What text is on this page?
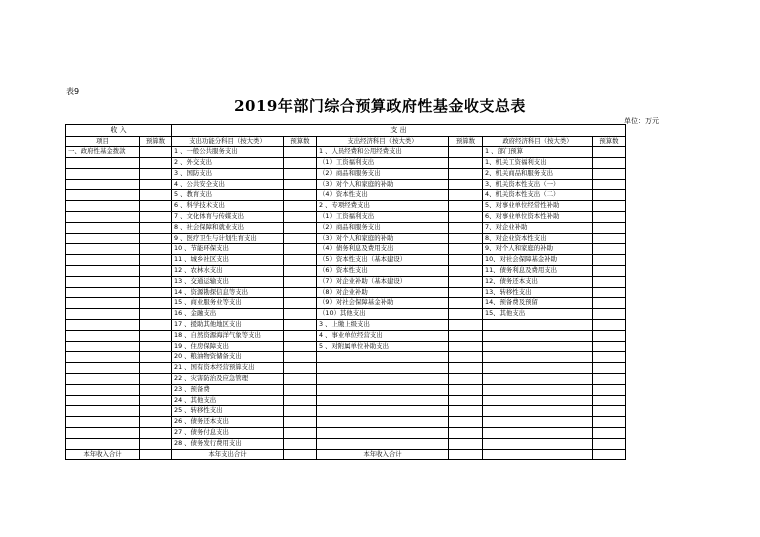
表9
2019年部门综合预算政府性基金收支总表
单位：万元
收 入		支 出					
项目	预算数	支出功能分科目（按大类）	预算数	支出经济科目（按大类）	预算数	政府经济科目（按大类）	预算数
一、政府性基金拨款		1 、一般公共服务支出		1 、人员经费和公用经费支出		1 、部门预算	
		2 、外交支出		（1）工资福利支出		1、机关工资福利支出	
		3 、国防支出		（2）商品和服务支出		2、机关商品和服务支出	
		4 、公共安全支出		（3）对个人和家庭的补助		3、机关资本性支出（一）	
		5 、教育支出		（4）资本性支出		4、机关资本性支出（二）	
		6 、科学技术支出		2 、专项经费支出		5、对事业单位经常性补助	
		7 、文化体育与传媒支出		（1）工资福利支出		6、对事业单位资本性补助	
		8 、社会保障和就业支出		（2）商品和服务支出		7、对企业补助	
		9 、医疗卫生与计划生育支出		（3）对个人和家庭的补助		8、对企业资本性支出	
		10 、节能环保支出		（4）债务利息及费用支出		9、对个人和家庭的补助	
		11 、城乡社区支出		（5）资本性支出（基本建设）		10、对社会保障基金补助	
		12 、农林水支出		（6）资本性支出		11、债务利息及费用支出	
		13 、交通运输支出		（7）对企业补助（基本建设）		12、债务还本支出	
		14 、资源勘探信息等支出		（8）对企业补助		13、转移性支出	
		15 、商业服务业等支出		（9）对社会保障基金补助		14、预备费及预留	
		16 、金融支出		（10）其他支出		15、其他支出	
		17 、援助其他地区支出		3 、上缴上级支出			
		18 、自然资源海洋气象等支出		4 、事业单位经营支出			
		19 、住房保障支出		5 、对附属单位补助支出			
		20 、粮油物资储备支出					
		21 、国有资本经营预算支出					
		22 、灾害防治及应急管理					
		23 、预备费					
		24 、其他支出					
		25 、转移性支出					
		26 、债务还本支出					
		27 、债务付息支出					
		28 、债务发行费用支出					
本年收入合计		本年支出合计		本年收入合计			
